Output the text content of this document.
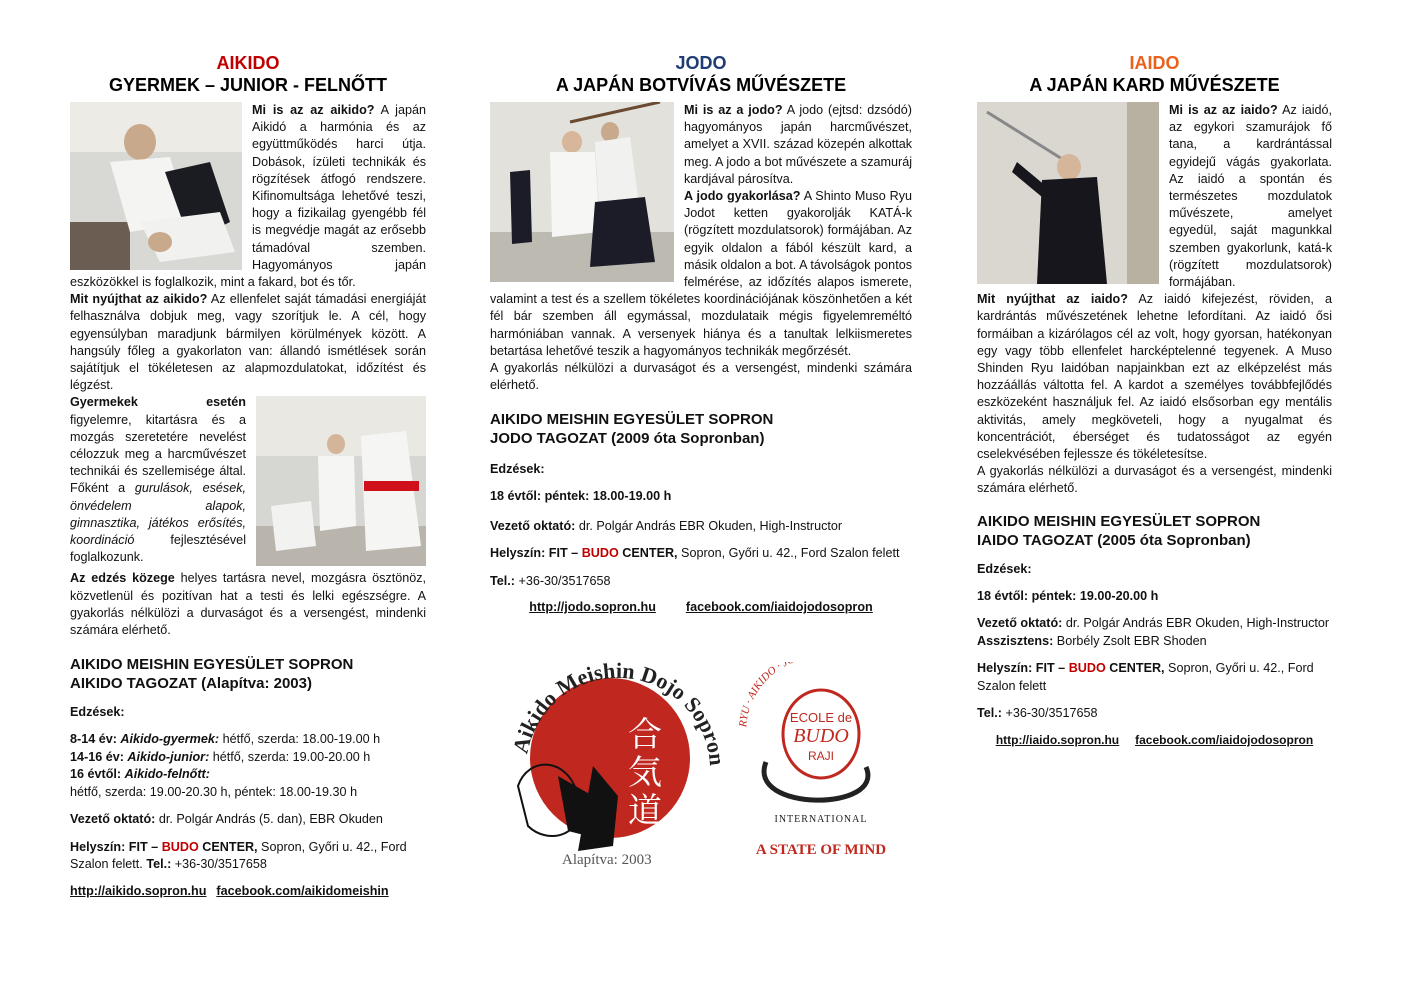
AIKIDO
GYERMEK – JUNIOR - FELNŐTT

Mi is az az aikido? A japán Aikidó a harmónia és az együttműködés harci útja. Dobások, ízületi technikák és rögzítések átfogó rendszere. Kifinomultsága lehetővé teszi, hogy a fizikailag gyengébb fél is megvédje magát az erősebb támadóval szemben. Hagyományos japán eszközökkel is foglalkozik, mint a fakard, bot és tőr.

Mit nyújthat az aikido? Az ellenfelet saját támadási energiáját felhasználva dobjuk meg, vagy szorítjuk le. A cél, hogy egyensúlyban maradjunk bármilyen körülmények között. A hangsúly főleg a gyakorlaton van: állandó ismétlések során sajátítjuk el tökéletesen az alapmozdulatokat, időzítést és légzést.

Gyermekek esetén figyelemre, kitartásra és a mozgás szeretetére nevelést célozzuk meg a harcművészet technikái és szellemisége által. Főként a gurulások, esések, önvédelem alapok, gimnasztika, játékos erősítés, koordináció fejlesztésével foglalkozunk.

Az edzés közege helyes tartásra nevel, mozgásra ösztönöz, közvetlenül és pozitívan hat a testi és lelki egészségre. A gyakorlás nélkülözi a durvaságot és a versengést, mindenki számára elérhető.

AIKIDO MEISHIN EGYESÜLET SOPRON
AIKIDO TAGOZAT (Alapítva: 2003)
Edzések:
8-14 év: Aikido-gyermek: hétfő, szerda: 18.00-19.00 h
14-16 év: Aikido-junior: hétfő, szerda: 19.00-20.00 h
16 évtől: Aikido-felnőtt:
hétfő, szerda: 19.00-20.30 h, péntek: 18.00-19.30 h
Vezető oktató: dr. Polgár András (5. dan), EBR Okuden
Helyszín: FIT – BUDO CENTER, Sopron, Győri u. 42., Ford Szalon felett. Tel.: +36-30/3517658
http://aikido.sopron.hu facebook.com/aikidomeishin
JODO
A JAPÁN BOTVÍVÁS MŰVÉSZETE

Mi is az a jodo? A jodo (ejtsd: dzsódó) hagyományos japán harcművészet, amelyet a XVII. század közepén alkottak meg. A jodo a bot művészete a szamuráj kardjával párosítva.

A jodo gyakorlása? A Shinto Muso Ryu Jodot ketten gyakorolják KATÁ-k (rögzített mozdulatsorok) formájában. Az egyik oldalon a fából készült kard, a másik oldalon a bot. A távolságok pontos felmérése, az időzítés alapos ismerete, valamint a test és a szellem tökéletes koordinációjának köszönhetően a két fél bár szemben áll egymással, mozdulataik mégis figyelemreméltó harmóniában vannak. A versenyek hiánya és a tanultak lelkiismeretes betartása lehetővé teszik a hagyományos technikák megőrzését.

A gyakorlás nélkülözi a durvaságot és a versengést, mindenki számára elérhető.

AIKIDO MEISHIN EGYESÜLET SOPRON
JODO TAGOZAT (2009 óta Sopronban)
Edzések:
18 évtől: péntek: 18.00-19.00 h
Vezető oktató: dr. Polgár András EBR Okuden, High-Instructor
Helyszín: FIT – BUDO CENTER, Sopron, Győri u. 42., Ford Szalon felett
Tel.: +36-30/3517658
http://jodo.sopron.hu facebook.com/iaidojodosopron
Aikido Meishin Dojo Sopron
合
気
道
Alapítva: 2003
RYU · AIKIDO · J
ECOLE de
BUDO
RAJI
INTERNATIONAL
A STATE OF MIND
IAIDO
A JAPÁN KARD MŰVÉSZETE

Mi is az az iaido? Az iaidó, az egykori szamurájok fő tana, a kardrántással egyidejű vágás gyakorlata. Az iaidó a spontán és természetes mozdulatok művészete, amelyet egyedül, saját magunkkal szemben gyakorlunk, katá-k (rögzített mozdulatsorok) formájában.

Mit nyújthat az iaido? Az iaidó kifejezést, röviden, a kardrántás művészetének lehetne lefordítani. Az iaidó ősi formáiban a kizárólagos cél az volt, hogy gyorsan, hatékonyan egy vagy több ellenfelet harcképtelenné tegyenek. A Muso Shinden Ryu Iaidóban napjainkban ezt az elképzelést más hozzáállás váltotta fel. A kardot a személyes továbbfejlődés eszközeként használjuk fel. Az iaidó elsősorban egy mentális aktivitás, amely megköveteli, hogy a nyugalmat és koncentrációt, éberséget és tudatosságot az egyén cselekvésében fejlessze és tökéletesítse.

A gyakorlás nélkülözi a durvaságot és a versengést, mindenki számára elérhető.

AIKIDO MEISHIN EGYESÜLET SOPRON
IAIDO TAGOZAT (2005 óta Sopronban)
Edzések:
18 évtől: péntek: 19.00-20.00 h
Vezető oktató: dr. Polgár András EBR Okuden, High-Instructor
Asszisztens: Borbély Zsolt EBR Shoden
Helyszín: FIT – BUDO CENTER, Sopron, Győri u. 42., Ford Szalon felett
Tel.: +36-30/3517658
http://iaido.sopron.hu facebook.com/iaidojodosopron
